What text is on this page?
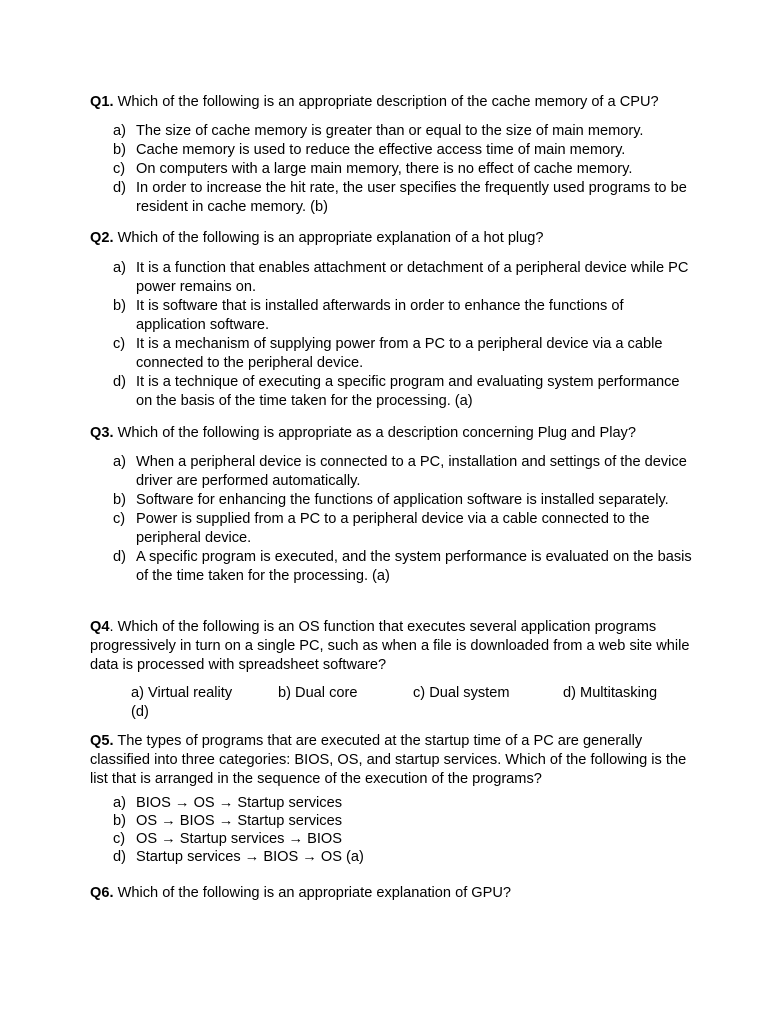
Q1. Which of the following is an appropriate description of the cache memory of a CPU?

a) The size of cache memory is greater than or equal to the size of main memory.
b) Cache memory is used to reduce the effective access time of main memory.
c) On computers with a large main memory, there is no effect of cache memory.
d) In order to increase the hit rate, the user specifies the frequently used programs to be resident in cache memory. (b)

Q2. Which of the following is an appropriate explanation of a hot plug?

a) It is a function that enables attachment or detachment of a peripheral device while PC power remains on.
b) It is software that is installed afterwards in order to enhance the functions of application software.
c) It is a mechanism of supplying power from a PC to a peripheral device via a cable connected to the peripheral device.
d) It is a technique of executing a specific program and evaluating system performance on the basis of the time taken for the processing. (a)

Q3. Which of the following is appropriate as a description concerning Plug and Play?

a) When a peripheral device is connected to a PC, installation and settings of the device driver are performed automatically.
b) Software for enhancing the functions of application software is installed separately.
c) Power is supplied from a PC to a peripheral device via a cable connected to the peripheral device.
d) A specific program is executed, and the system performance is evaluated on the basis of the time taken for the processing. (a)

Q4. Which of the following is an OS function that executes several application programs progressively in turn on a single PC, such as when a file is downloaded from a web site while data is processed with spreadsheet software?

a) Virtual reality	b) Dual core	c) Dual system	d) Multitasking
(d)

Q5. The types of programs that are executed at the startup time of a PC are generally classified into three categories: BIOS, OS, and startup services. Which of the following is the list that is arranged in the sequence of the execution of the programs?

a) BIOS → OS → Startup services
b) OS → BIOS → Startup services
c) OS → Startup services → BIOS
d) Startup services → BIOS → OS (a)

Q6. Which of the following is an appropriate explanation of GPU?
